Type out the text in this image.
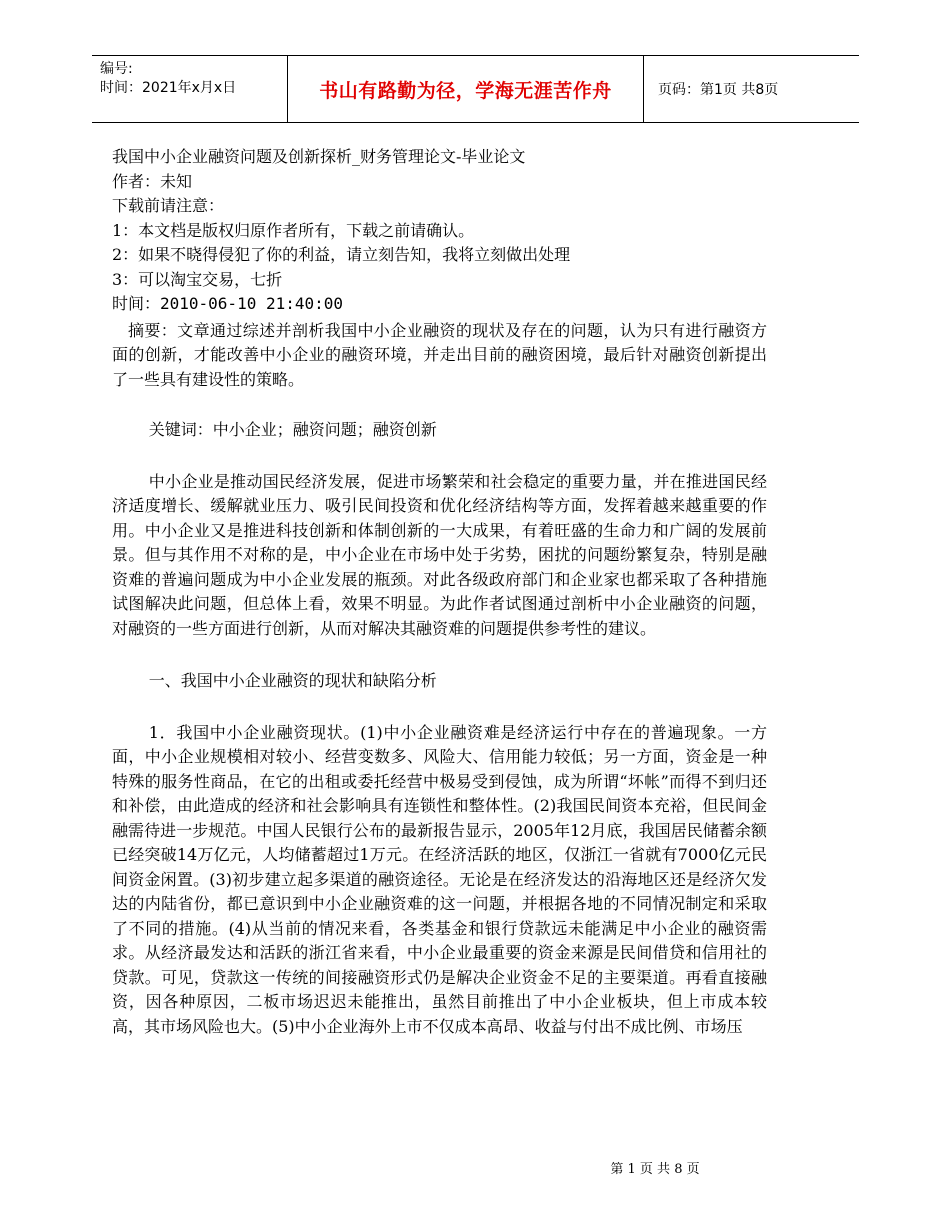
编号:
时间：2021年x月x日	书山有路勤为径，学海无涯苦作舟	页码：第1页 共8页
我国中小企业融资问题及创新探析_财务管理论文-毕业论文
作者：未知
下载前请注意：
1：本文档是版权归原作者所有，下载之前请确认。
2：如果不晓得侵犯了你的利益，请立刻告知，我将立刻做出处理
3：可以淘宝交易，七折
时间：2010-06-10 21:40:00

摘要：文章通过综述并剖析我国中小企业融资的现状及存在的问题，认为只有进行融资方面的创新，才能改善中小企业的融资环境，并走出目前的融资困境，最后针对融资创新提出了一些具有建设性的策略。

关键词：中小企业；融资问题；融资创新

中小企业是推动国民经济发展，促进市场繁荣和社会稳定的重要力量，并在推进国民经济适度增长、缓解就业压力、吸引民间投资和优化经济结构等方面，发挥着越来越重要的作用。中小企业又是推进科技创新和体制创新的一大成果，有着旺盛的生命力和广阔的发展前景。但与其作用不对称的是，中小企业在市场中处于劣势，困扰的问题纷繁复杂，特别是融资难的普遍问题成为中小企业发展的瓶颈。对此各级政府部门和企业家也都采取了各种措施试图解决此问题，但总体上看，效果不明显。为此作者试图通过剖析中小企业融资的问题，对融资的一些方面进行创新，从而对解决其融资难的问题提供参考性的建议。

一、我国中小企业融资的现状和缺陷分析

1．我国中小企业融资现状。(1)中小企业融资难是经济运行中存在的普遍现象。一方面，中小企业规模相对较小、经营变数多、风险大、信用能力较低；另一方面，资金是一种特殊的服务性商品，在它的出租或委托经营中极易受到侵蚀，成为所谓“坏帐”而得不到归还和补偿，由此造成的经济和社会影响具有连锁性和整体性。(2)我国民间资本充裕，但民间金融需待进一步规范。中国人民银行公布的最新报告显示，2005年12月底，我国居民储蓄余额已经突破14万亿元，人均储蓄超过1万元。在经济活跃的地区，仅浙江一省就有7000亿元民间资金闲置。(3)初步建立起多渠道的融资途径。无论是在经济发达的沿海地区还是经济欠发达的内陆省份，都已意识到中小企业融资难的这一问题，并根据各地的不同情况制定和采取了不同的措施。(4)从当前的情况来看，各类基金和银行贷款远未能满足中小企业的融资需求。从经济最发达和活跃的浙江省来看，中小企业最重要的资金来源是民间借贷和信用社的贷款。可见，贷款这一传统的间接融资形式仍是解决企业资金不足的主要渠道。再看直接融资，因各种原因，二板市场迟迟未能推出，虽然目前推出了中小企业板块，但上市成本较高，其市场风险也大。(5)中小企业海外上市不仅成本高昂、收益与付出不成比例、市场压

第 1 页 共 8 页
